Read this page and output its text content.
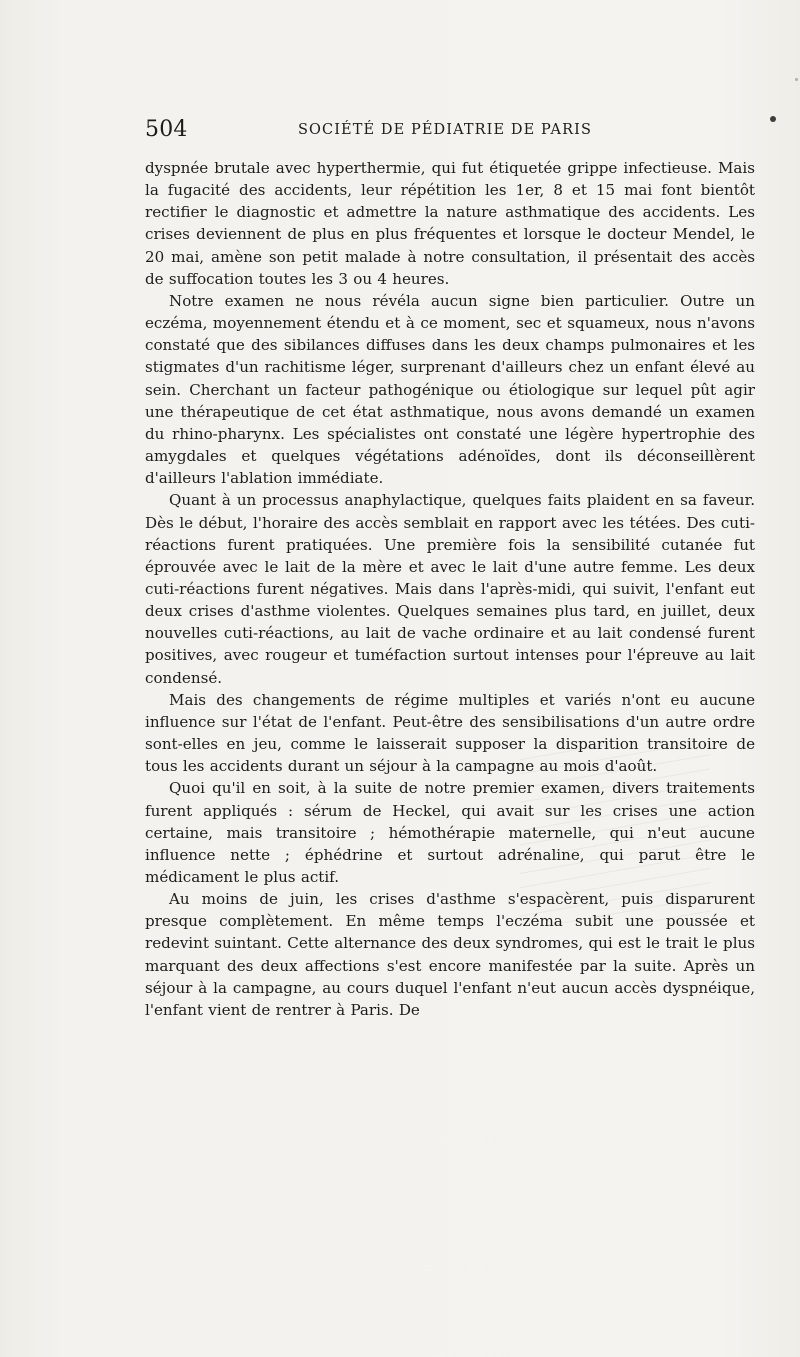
504	SOCIÉTÉ DE PÉDIATRIE DE PARIS

dyspnée brutale avec hyperthermie, qui fut étiquetée grippe infectieuse. Mais la fugacité des accidents, leur répétition les 1er, 8 et 15 mai font bientôt rectifier le diagnostic et admettre la nature asthmatique des accidents. Les crises deviennent de plus en plus fréquentes et lorsque le docteur Mendel, le 20 mai, amène son petit malade à notre consultation, il présentait des accès de suffocation toutes les 3 ou 4 heures.

Notre examen ne nous révéla aucun signe bien particulier. Outre un eczéma, moyennement étendu et à ce moment, sec et squameux, nous n'avons constaté que des sibilances diffuses dans les deux champs pulmonaires et les stigmates d'un rachitisme léger, surprenant d'ailleurs chez un enfant élevé au sein. Cherchant un facteur pathogénique ou étiologique sur lequel pût agir une thérapeutique de cet état asthmatique, nous avons demandé un examen du rhino-pharynx. Les spécialistes ont constaté une légère hypertrophie des amygdales et quelques végétations adénoïdes, dont ils déconseillèrent d'ailleurs l'ablation immédiate.

Quant à un processus anaphylactique, quelques faits plaident en sa faveur. Dès le début, l'horaire des accès semblait en rapport avec les tétées. Des cuti-réactions furent pratiquées. Une première fois la sensibilité cutanée fut éprouvée avec le lait de la mère et avec le lait d'une autre femme. Les deux cuti-réactions furent négatives. Mais dans l'après-midi, qui suivit, l'enfant eut deux crises d'asthme violentes. Quelques semaines plus tard, en juillet, deux nouvelles cuti-réactions, au lait de vache ordinaire et au lait condensé furent positives, avec rougeur et tuméfaction surtout intenses pour l'épreuve au lait condensé.

Mais des changements de régime multiples et variés n'ont eu aucune influence sur l'état de l'enfant. Peut-être des sensibilisations d'un autre ordre sont-elles en jeu, comme le laisserait supposer la disparition transitoire de tous les accidents durant un séjour à la campagne au mois d'août.

Quoi qu'il en soit, à la suite de notre premier examen, divers traitements furent appliqués : sérum de Heckel, qui avait sur les crises une action certaine, mais transitoire ; hémothérapie maternelle, qui n'eut aucune influence nette ; éphédrine et surtout adrénaline, qui parut être le médicament le plus actif.

Au moins de juin, les crises d'asthme s'espacèrent, puis disparurent presque complètement. En même temps l'eczéma subit une poussée et redevint suintant. Cette alternance des deux syndromes, qui est le trait le plus marquant des deux affections s'est encore manifestée par la suite. Après un séjour à la campagne, au cours duquel l'enfant n'eut aucun accès dyspnéique, l'enfant vient de rentrer à Paris. De
